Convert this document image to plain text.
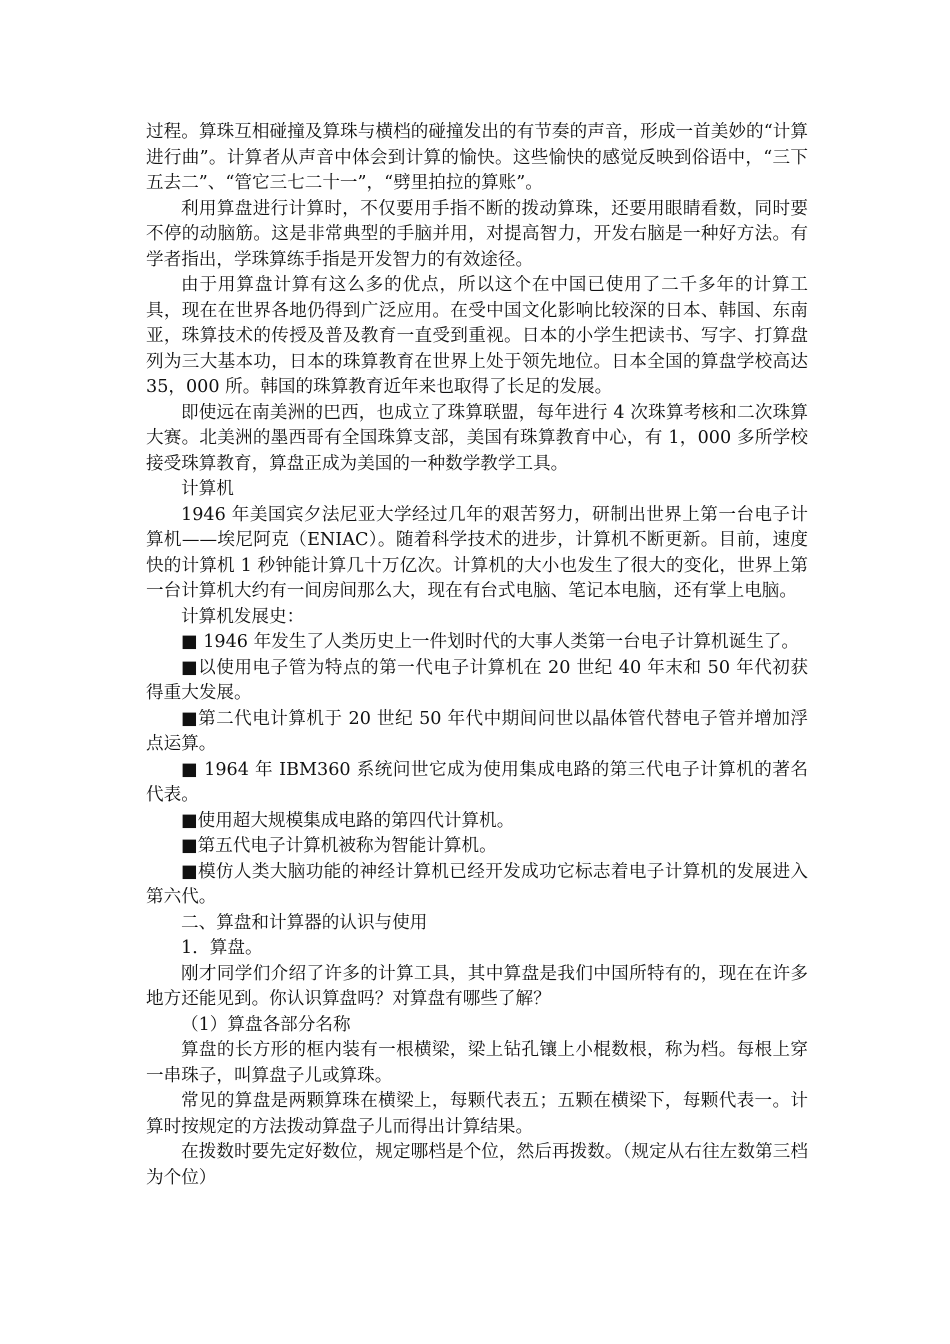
过程。算珠互相碰撞及算珠与横档的碰撞发出的有节奏的声音，形成一首美妙的“计算进行曲”。计算者从声音中体会到计算的愉快。这些愉快的感觉反映到俗语中，“三下五去二”、“管它三七二十一”，“劈里拍拉的算账”。

利用算盘进行计算时，不仅要用手指不断的拨动算珠，还要用眼睛看数，同时要不停的动脑筋。这是非常典型的手脑并用，对提高智力，开发右脑是一种好方法。有学者指出，学珠算练手指是开发智力的有效途径。

由于用算盘计算有这么多的优点，所以这个在中国已使用了二千多年的计算工具，现在在世界各地仍得到广泛应用。在受中国文化影响比较深的日本、韩国、东南亚，珠算技术的传授及普及教育一直受到重视。日本的小学生把读书、写字、打算盘列为三大基本功，日本的珠算教育在世界上处于领先地位。日本全国的算盘学校高达 35，000 所。韩国的珠算教育近年来也取得了长足的发展。

即使远在南美洲的巴西，也成立了珠算联盟，每年进行 4 次珠算考核和二次珠算大赛。北美洲的墨西哥有全国珠算支部，美国有珠算教育中心，有 1，000 多所学校接受珠算教育，算盘正成为美国的一种数学教学工具。

计算机

1946 年美国宾夕法尼亚大学经过几年的艰苦努力，研制出世界上第一台电子计算机——埃尼阿克（ENIAC）。随着科学技术的进步，计算机不断更新。目前，速度快的计算机 1 秒钟能计算几十万亿次。计算机的大小也发生了很大的变化，世界上第一台计算机大约有一间房间那么大，现在有台式电脑、笔记本电脑，还有掌上电脑。

计算机发展史：

■ 1946 年发生了人类历史上一件划时代的大事人类第一台电子计算机诞生了。

■以使用电子管为特点的第一代电子计算机在 20 世纪 40 年末和 50 年代初获得重大发展。

■第二代电计算机于 20 世纪 50 年代中期间问世以晶体管代替电子管并增加浮点运算。

■ 1964 年 IBM360 系统问世它成为使用集成电路的第三代电子计算机的著名代表。

■使用超大规模集成电路的第四代计算机。

■第五代电子计算机被称为智能计算机。

■模仿人类大脑功能的神经计算机已经开发成功它标志着电子计算机的发展进入第六代。

二、算盘和计算器的认识与使用

1．算盘。

刚才同学们介绍了许多的计算工具，其中算盘是我们中国所特有的，现在在许多地方还能见到。你认识算盘吗？对算盘有哪些了解？

（1）算盘各部分名称

算盘的长方形的框内装有一根横梁，梁上钻孔镶上小棍数根，称为档。每根上穿一串珠子，叫算盘子儿或算珠。

常见的算盘是两颗算珠在横梁上，每颗代表五；五颗在横梁下，每颗代表一。计算时按规定的方法拨动算盘子儿而得出计算结果。

在拨数时要先定好数位，规定哪档是个位，然后再拨数。（规定从右往左数第三档为个位）
